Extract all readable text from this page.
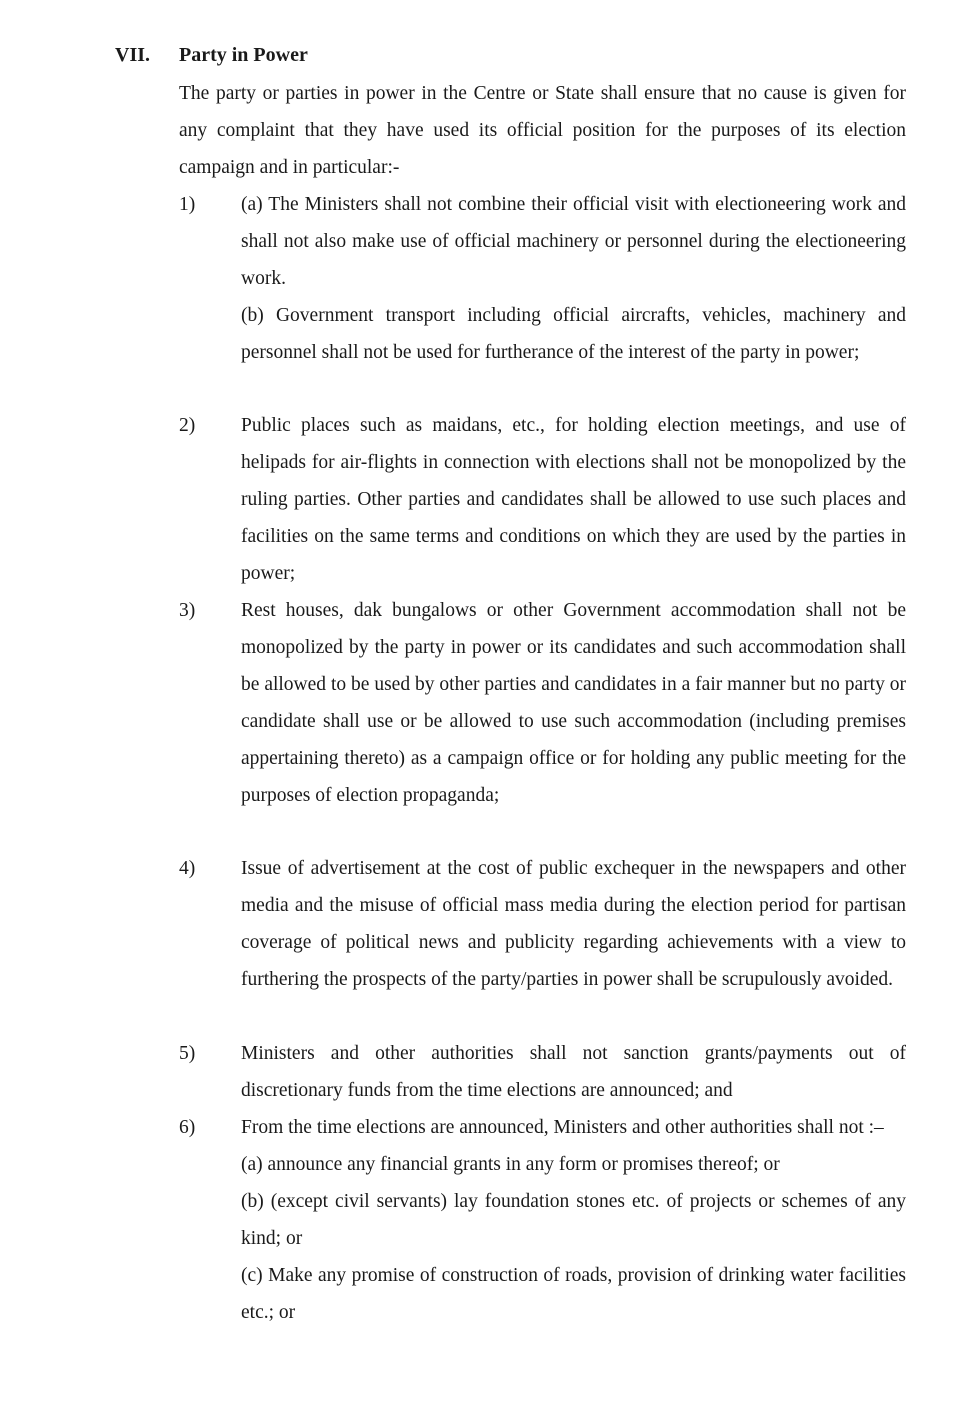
VII. Party in Power

The party or parties in power in the Centre or State shall ensure that no cause is given for any complaint that they have used its official position for the purposes of its election campaign and in particular:-

1) (a) The Ministers shall not combine their official visit with electioneering work and shall not also make use of official machinery or personnel during the electioneering work.

(b) Government transport including official aircrafts, vehicles, machinery and personnel shall not be used for furtherance of the interest of the party in power;

2) Public places such as maidans, etc., for holding election meetings, and use of helipads for air-flights in connection with elections shall not be monopolized by the ruling parties. Other parties and candidates shall be allowed to use such places and facilities on the same terms and conditions on which they are used by the parties in power;

3) Rest houses, dak bungalows or other Government accommodation shall not be monopolized by the party in power or its candidates and such accommodation shall be allowed to be used by other parties and candidates in a fair manner but no party or candidate shall use or be allowed to use such accommodation (including premises appertaining thereto) as a campaign office or for holding any public meeting for the purposes of election propaganda;

4) Issue of advertisement at the cost of public exchequer in the newspapers and other media and the misuse of official mass media during the election period for partisan coverage of political news and publicity regarding achievements with a view to furthering the prospects of the party/parties in power shall be scrupulously avoided.

5) Ministers and other authorities shall not sanction grants/payments out of discretionary funds from the time elections are announced; and

6) From the time elections are announced, Ministers and other authorities shall not :–

(a) announce any financial grants in any form or promises thereof; or

(b) (except civil servants) lay foundation stones etc. of projects or schemes of any kind; or

(c) Make any promise of construction of roads, provision of drinking water facilities etc.; or
